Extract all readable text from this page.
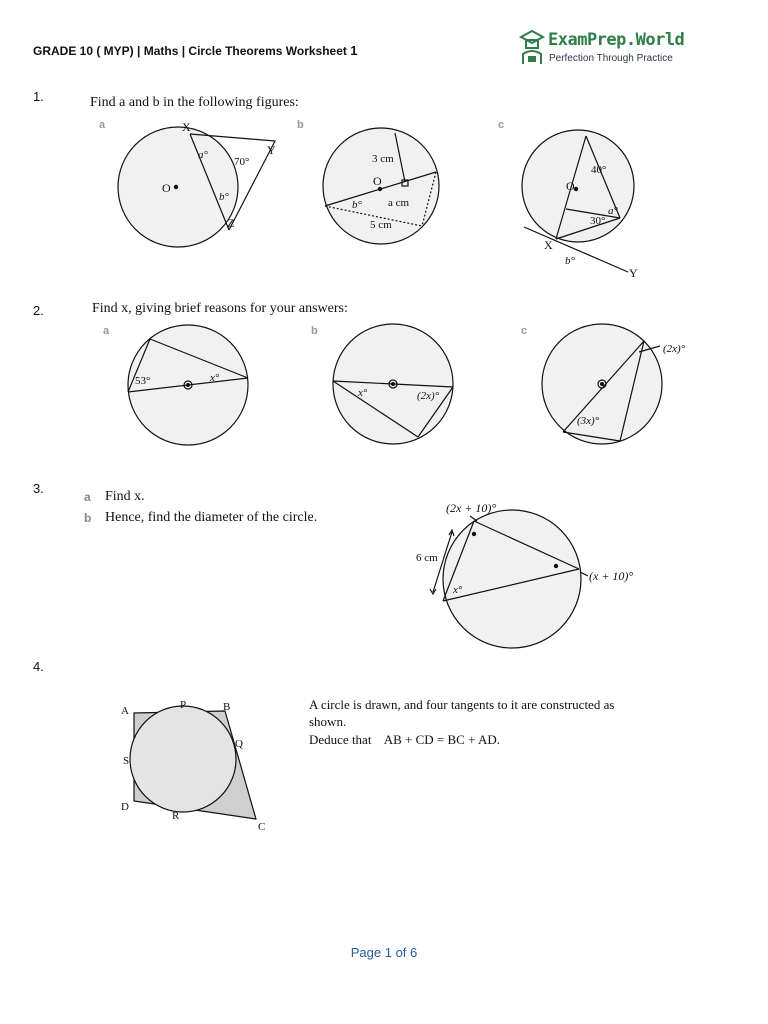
GRADE 10 ( MYP) | Maths | Circle Theorems Worksheet 1
ExamPrep.World
Perfection Through Practice
1.	Find a and b in the following figures:
a	b	c
X
Y
Z
O
a°
70°
b°
3 cm
O
b° a cm
5 cm
O
40°
a°
30°
X
b°
Y
53°	x°
x°	(2x)°
(2x)°
(3x)°
(2x + 10)°
6 cm
x°
(x + 10)°
A	P	B
Q
S
D
R
C
2.	Find x, giving brief reasons for your answers:
a	b	c
3.
a Find x.
b Hence, find the diameter of the circle.
4.
A circle is drawn, and four tangents to it are constructed as
shown.
Deduce that    AB + CD = BC + AD.
Page 1 of 6
